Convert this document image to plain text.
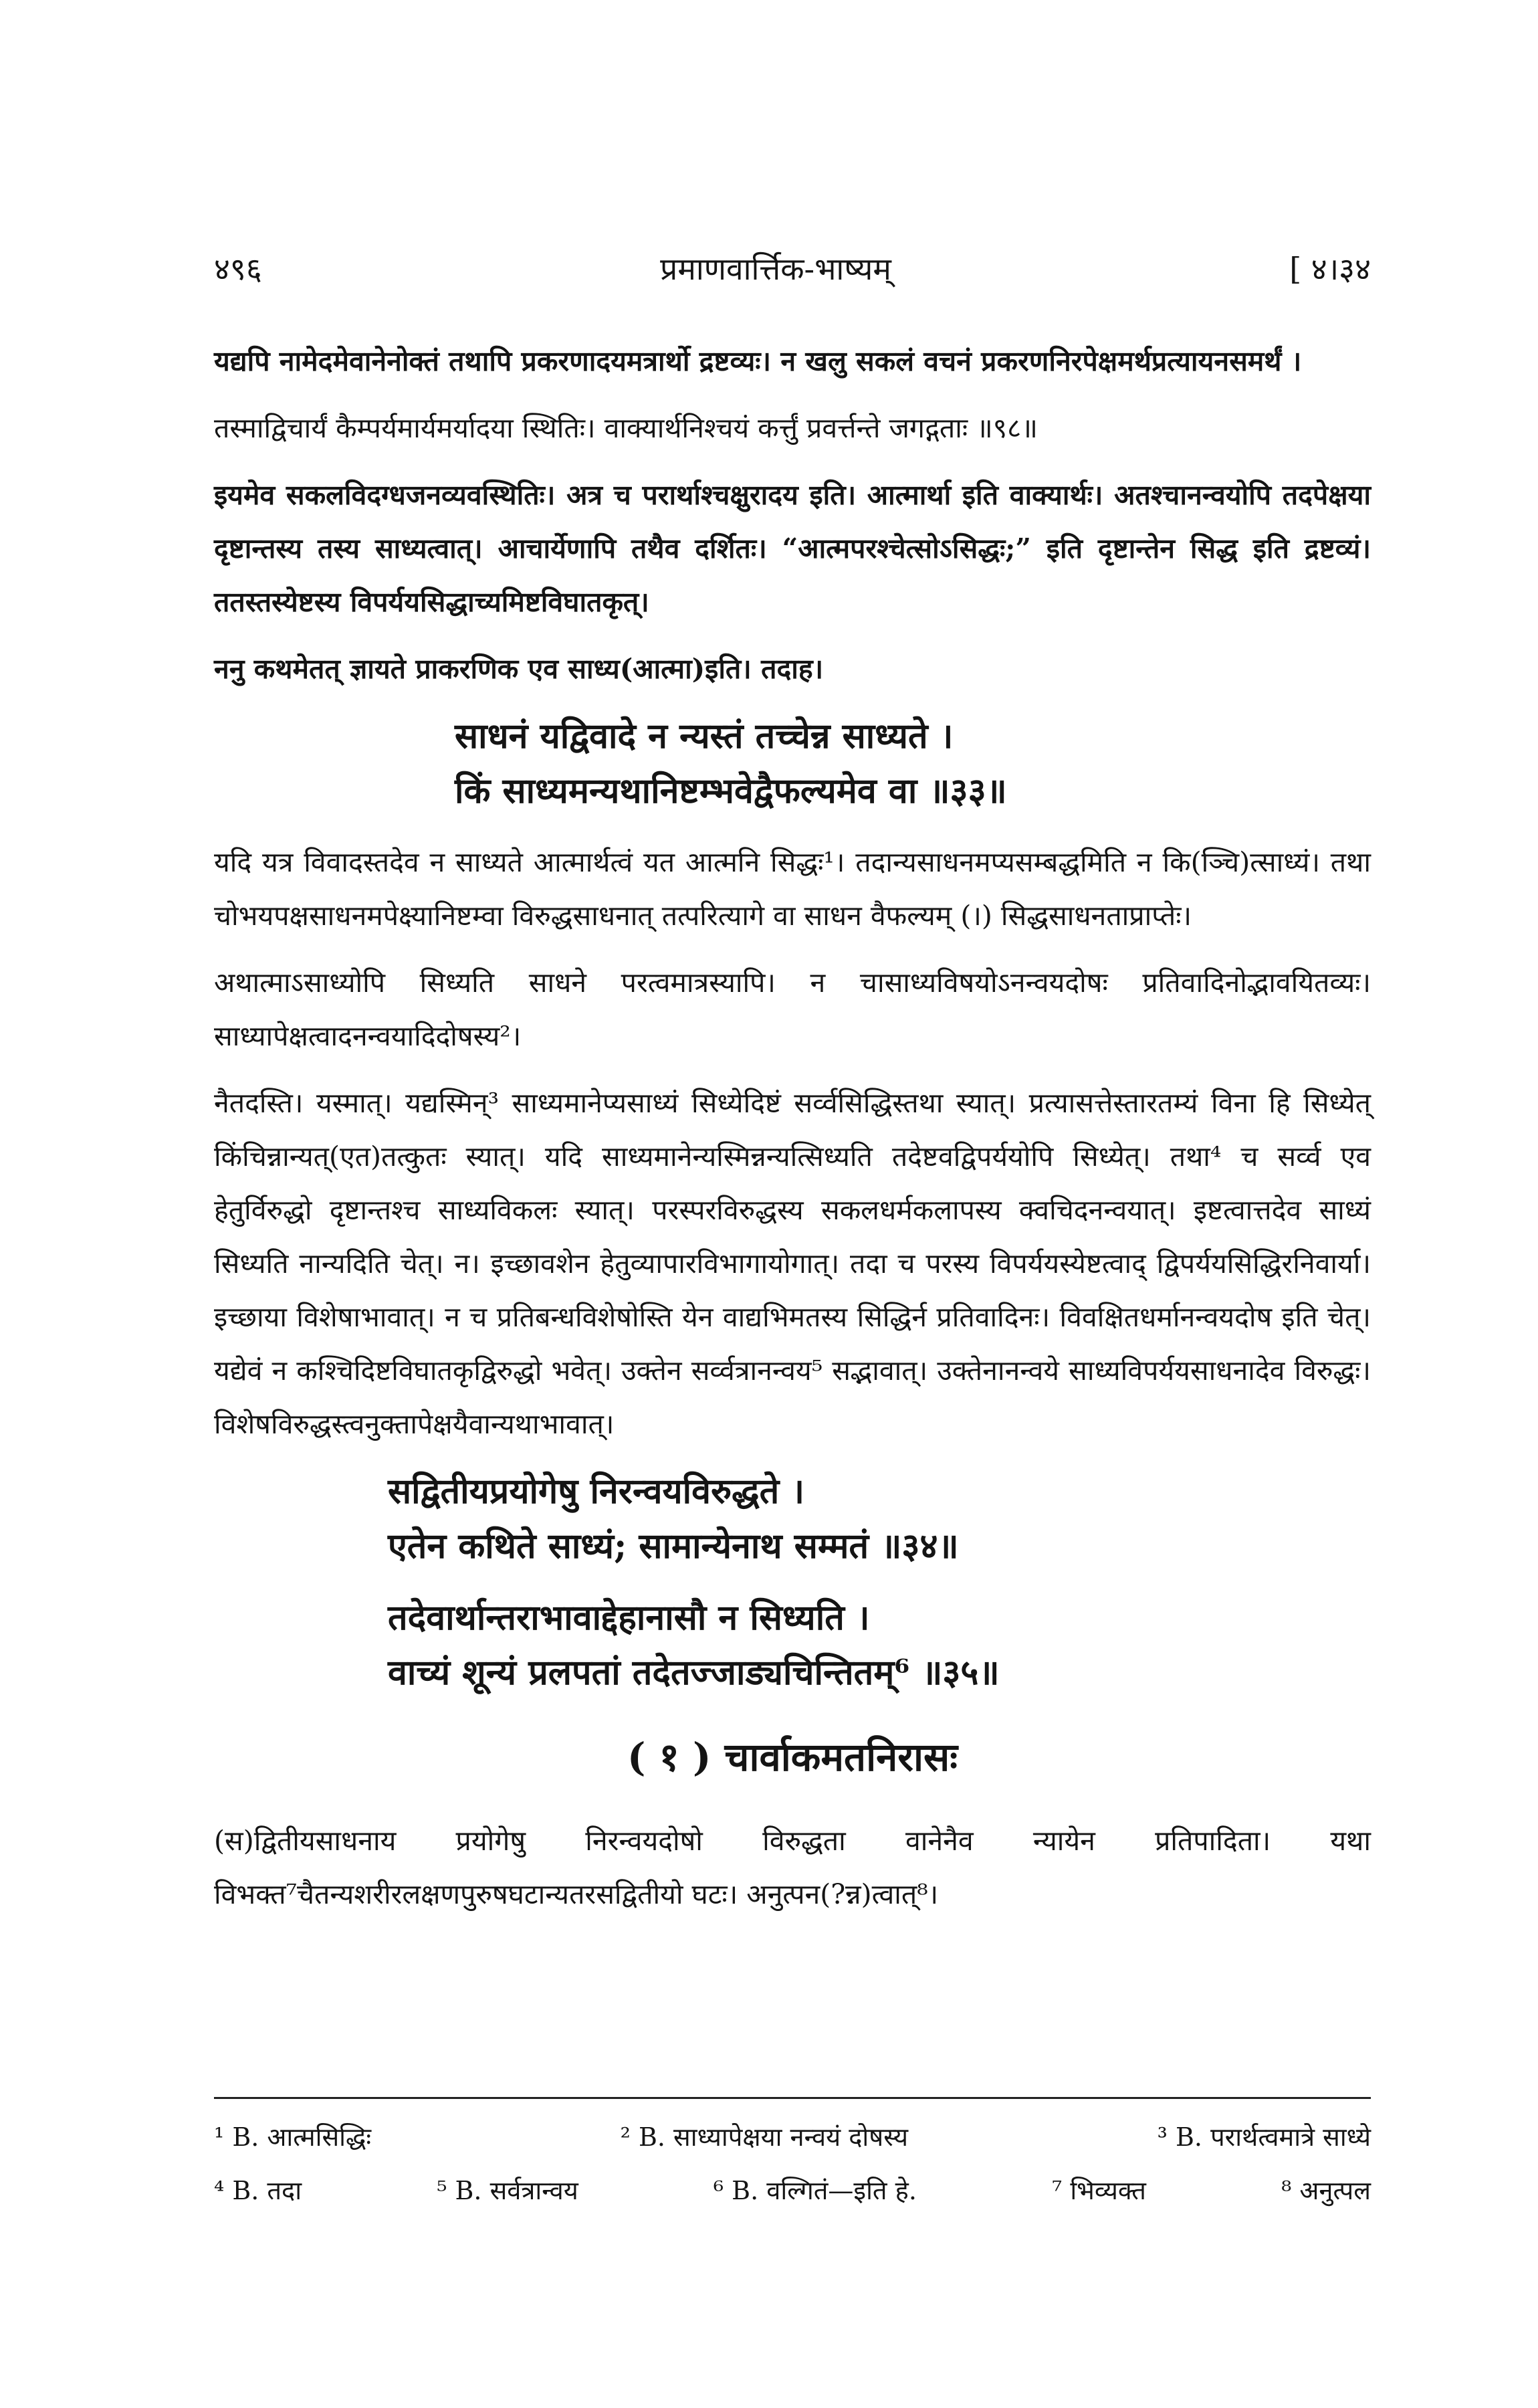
४९६	प्रमाणवार्त्तिक-भाष्यम्	[ ४।३४

यद्यपि नामेदमेवानेनोक्तं तथापि प्रकरणादयमत्रार्थो द्रष्टव्यः। न खलु सकलं वचनं प्रकरणनिरपेक्षमर्थप्रत्यायनसमर्थं ।

तस्माद्विचार्यं कैम्पर्यमार्यमर्यादया स्थितिः। वाक्यार्थनिश्चयं कर्त्तुं प्रवर्त्तन्ते जगद्गताः ॥९८॥

इयमेव सकलविदग्धजनव्यवस्थितिः। अत्र च परार्थाश्चक्षुरादय इति। आत्मार्था इति वाक्यार्थः। अतश्चानन्वयोपि तदपेक्षया दृष्टान्तस्य तस्य साध्यत्वात्। आचार्येणापि तथैव दर्शितः। “आत्मपरश्चेत्सोऽसिद्धः;” इति दृष्टान्तेन सिद्ध इति द्रष्टव्यं। ततस्तस्येष्टस्य विपर्ययसिद्धाच्यमिष्टविघातकृत्।

ननु कथमेतत् ज्ञायते प्राकरणिक एव साध्य(आत्मा)इति। तदाह।

साधनं यद्विवादे न न्यस्तं तच्चेन्न साध्यते ।
किं साध्यमन्यथानिष्टम्भवेद्वैफल्यमेव वा ॥३३॥

यदि यत्र विवादस्तदेव न साध्यते आत्मार्थत्वं यत आत्मनि सिद्धः¹। तदान्यसाधनमप्यसम्बद्धमिति न कि(ञ्चि)त्साध्यं। तथा चोभयपक्षसाधनमपेक्ष्यानिष्टम्वा विरुद्धसाधनात् तत्परित्यागे वा साधन वैफल्यम् (।) सिद्धसाधनताप्राप्तेः।

अथात्माऽसाध्योपि सिध्यति साधने परत्वमात्रस्यापि। न चासाध्यविषयोऽनन्वयदोषः प्रतिवादिनोद्भावयितव्यः। साध्यापेक्षत्वादनन्वयादिदोषस्य²।

नैतदस्ति। यस्मात्। यद्यस्मिन्³ साध्यमानेप्यसाध्यं सिध्येदिष्टं सर्व्वसिद्धिस्तथा स्यात्। प्रत्यासत्तेस्तारतम्यं विना हि सिध्येत् किंचिन्नान्यत्(एत)तत्कुतः स्यात्। यदि साध्यमानेन्यस्मिन्नन्यत्सिध्यति तदेष्टवद्विपर्ययोपि सिध्येत्। तथा⁴ च सर्व्व एव हेतुर्विरुद्धो दृष्टान्तश्च साध्यविकलः स्यात्। परस्परविरुद्धस्य सकलधर्मकलापस्य क्वचिदनन्वयात्। इष्टत्वात्तदेव साध्यं सिध्यति नान्यदिति चेत्। न। इच्छावशेन हेतुव्यापारविभागायोगात्। तदा च परस्य विपर्ययस्येष्टत्वाद् द्विपर्ययसिद्धिरनिवार्या। इच्छाया विशेषाभावात्। न च प्रतिबन्धविशेषोस्ति येन वाद्यभिमतस्य सिद्धिर्न प्रतिवादिनः। विवक्षितधर्मानन्वयदोष इति चेत्। यद्येवं न कश्चिदिष्टविघातकृद्विरुद्धो भवेत्। उक्तेन सर्व्वत्रानन्वय⁵ सद्भावात्। उक्तेनानन्वये साध्यविपर्ययसाधनादेव विरुद्धः। विशेषविरुद्धस्त्वनुक्तापेक्षयैवान्यथाभावात्।

सद्वितीयप्रयोगेषु निरन्वयविरुद्धते ।
एतेन कथिते साध्यं; सामान्येनाथ सम्मतं ॥३४॥
तदेवार्थान्तराभावाद्देहानासौ न सिध्यति ।
वाच्यं शून्यं प्रलपतां तदेतज्जाड्यचिन्तितम्⁶ ॥३५॥
( १ ) चार्वाकमतनिरासः

(स)द्वितीयसाधनाय प्रयोगेषु निरन्वयदोषो विरुद्धता वानेनैव न्यायेन प्रतिपादिता। यथा विभक्त⁷चैतन्यशरीरलक्षणपुरुषघटान्यतरसद्वितीयो घटः। अनुत्पन(?न्न)त्वात्⁸।

¹ B. आत्मसिद्धिः	² B. साध्यापेक्षया नन्वयं दोषस्य	³ B. परार्थत्वमात्रे साध्ये
⁴ B. तदा	⁵ B. सर्वत्रान्वय	⁶ B. वल्गितं—इति हे.	⁷ भिव्यक्त	⁸ अनुत्पल
